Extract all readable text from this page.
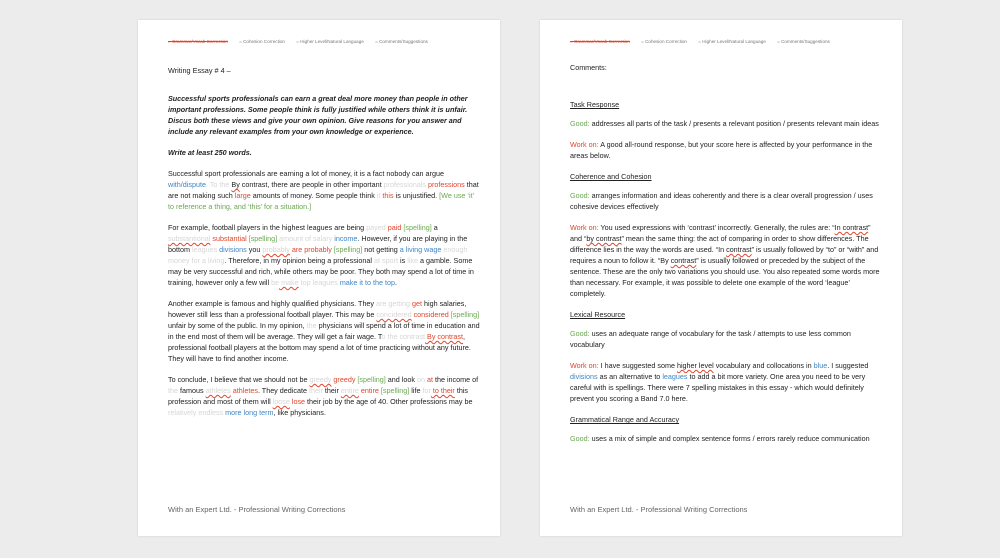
= Grammar/Vocab Correction = Cohesion Correction = Higher Level/Natural Language = Comments/Suggestions

Writing Essay # 4 –

Successful sports professionals can earn a great deal more money than people in other important professions. Some people think is fully justified while others think it is unfair. Discus both these views and give your own opinion. Give reasons for you answer and include any relevant examples from your own knowledge or experience.

Write at least 250 words.

Successful sport professionals are earning a lot of money, it is a fact nobody can argue with/dispute. To the By contrast, there are people in other important professionals professions that are not making such large amounts of money. Some people think it this is unjustified. [We use ‘it’ to reference a thing, and ‘this’ for a situation.]

For example, football players in the highest leagues are being payed paid [spelling] a substantional substantial [spelling] amount of salary income. However, if you are playing in the bottom leagues divisions you probably are probably [spelling] not getting a living wage enough money for a living. Therefore, in my opinion being a professional at sport is like a gamble. Some may be very successful and rich, while others may be poor. They both may spend a lot of time in training, however only a few will be make top leagues make it to the top.

Another example is famous and highly qualified physicians. They are getting get high salaries, however still less than a professional football player. This may be concidered considered [spelling] unfair by some of the public. In my opinion, the physicians will spend a lot of time in education and in the end most of them will be average. They will get a fair wage. To the contrast By contrast, professional football players at the bottom may spend a lot of time practicing without any future. They will have to find another income.

To conclude, I believe that we should not be greedy greedy [spelling] and look on at the income of the famous athletes athletes. They dedicate their their entire entire [spelling] life for to their this profession and most of them will loose lose their job by the age of 40. Other professions may be relatively endless more long term, like physicians.

With an Expert Ltd. - Professional Writing Corrections
= Grammar/Vocab Correction = Cohesion Correction = Higher Level/Natural Language = Comments/Suggestions

Comments:

Task Response

Good: addresses all parts of the task / presents a relevant position / presents relevant main ideas

Work on: A good all-round response, but your score here is affected by your performance in the areas below.

Coherence and Cohesion

Good: arranges information and ideas coherently and there is a clear overall progression / uses cohesive devices effectively

Work on: You used expressions with ‘contrast’ incorrectly. Generally, the rules are: “In contrast” and “by contrast” mean the same thing: the act of comparing in order to show differences. The difference lies in the way the words are used. “In contrast” is usually followed by “to” or “with” and requires a noun to follow it. “By contrast” is usually followed or preceded by the subject of the sentence. These are the only two variations you should use. You also repeated some words more than necessary. For example, it was possible to delete one example of the word ‘league’ completely.

Lexical Resource

Good: uses an adequate range of vocabulary for the task / attempts to use less common vocabulary

Work on: I have suggested some higher level vocabulary and collocations in blue. I suggested divisions as an alternative to leagues to add a bit more variety. One area you need to be very careful with is spellings. There were 7 spelling mistakes in this essay - which would definitely prevent you scoring a Band 7.0 here.

Grammatical Range and Accuracy

Good: uses a mix of simple and complex sentence forms / errors rarely reduce communication

With an Expert Ltd. - Professional Writing Corrections
